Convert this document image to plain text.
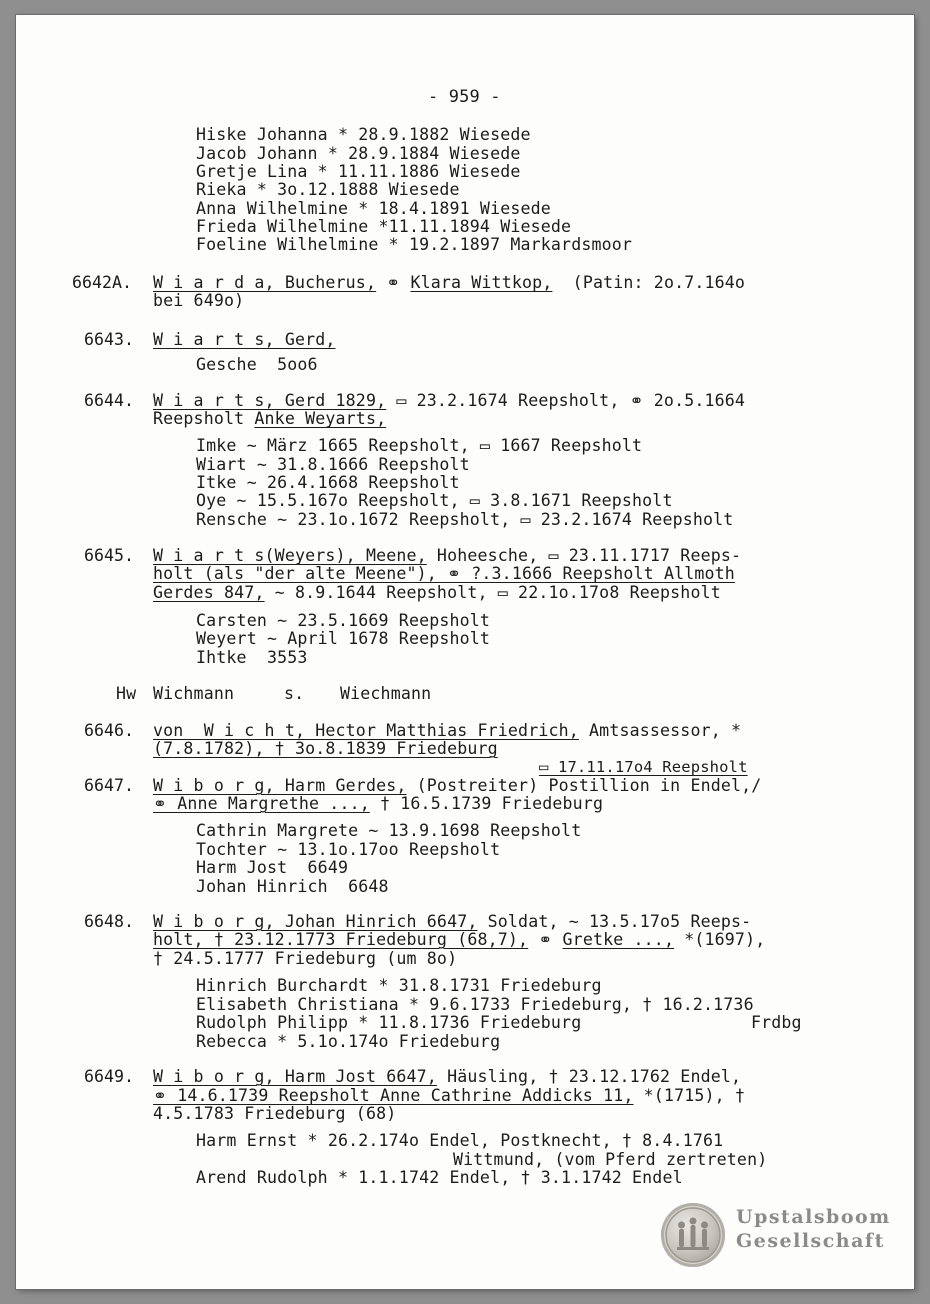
- 959 -
Hiske Johanna * 28.9.1882 Wiesede
Jacob Johann * 28.9.1884 Wiesede
Gretje Lina * 11.11.1886 Wiesede
Rieka * 3o.12.1888 Wiesede
Anna Wilhelmine * 18.4.1891 Wiesede
Frieda Wilhelmine *11.11.1894 Wiesede
Foeline Wilhelmine * 19.2.1897 Markardsmoor
6642A. W i a r d a, Bucherus, ⚭ Klara Wittkop,  (Patin: 2o.7.164o
bei 649o)
6643. W i a r t s, Gerd,
Gesche  5oo6
6644. W i a r t s, Gerd 1829, ▭ 23.2.1674 Reepsholt, ⚭ 2o.5.1664
Reepsholt Anke Weyarts,
Imke ~ März 1665 Reepsholt, ▭ 1667 Reepsholt
Wiart ~ 31.8.1666 Reepsholt
Itke ~ 26.4.1668 Reepsholt
Oye ~ 15.5.167o Reepsholt, ▭ 3.8.1671 Reepsholt
Rensche ~ 23.1o.1672 Reepsholt, ▭ 23.2.1674 Reepsholt
6645. W i a r t s(Weyers), Meene, Hoheesche, ▭ 23.11.1717 Reeps-
holt (als "der alte Meene"), ⚭ ?.3.1666 Reepsholt Allmoth
Gerdes 847, ~ 8.9.1644 Reepsholt, ▭ 22.1o.17o8 Reepsholt
Carsten ~ 23.5.1669 Reepsholt
Weyert ~ April 1678 Reepsholt
Ihtke  3553
Hw Wichmann	s. Wiechmann
6646. von  W i c h t, Hector Matthias Friedrich, Amtsassessor, *
(7.8.1782), † 3o.8.1839 Friedeburg
▭ 17.11.17o4 Reepsholt
6647. W i b o r g, Harm Gerdes, (Postreiter) Postillion in Endel,/
⚭ Anne Margrethe ..., † 16.5.1739 Friedeburg
Cathrin Margrete ~ 13.9.1698 Reepsholt
Tochter ~ 13.1o.17oo Reepsholt
Harm Jost  6649
Johan Hinrich  6648
6648. W i b o r g, Johan Hinrich 6647, Soldat, ~ 13.5.17o5 Reeps-
holt, † 23.12.1773 Friedeburg (68,7), ⚭ Gretke ..., *(1697),
† 24.5.1777 Friedeburg (um 8o)
Hinrich Burchardt * 31.8.1731 Friedeburg
Elisabeth Christiana * 9.6.1733 Friedeburg, † 16.2.1736
Rudolph Philipp * 11.8.1736 Friedeburg	Frdbg
Rebecca * 5.1o.174o Friedeburg
6649. W i b o r g, Harm Jost 6647, Häusling, † 23.12.1762 Endel,
⚭ 14.6.1739 Reepsholt Anne Cathrine Addicks 11, *(1715), †
4.5.1783 Friedeburg (68)
Harm Ernst * 26.2.174o Endel, Postknecht, † 8.4.1761
Wittmund, (vom Pferd zertreten)
Arend Rudolph * 1.1.1742 Endel, † 3.1.1742 Endel
Upstalsboom
Gesellschaft
